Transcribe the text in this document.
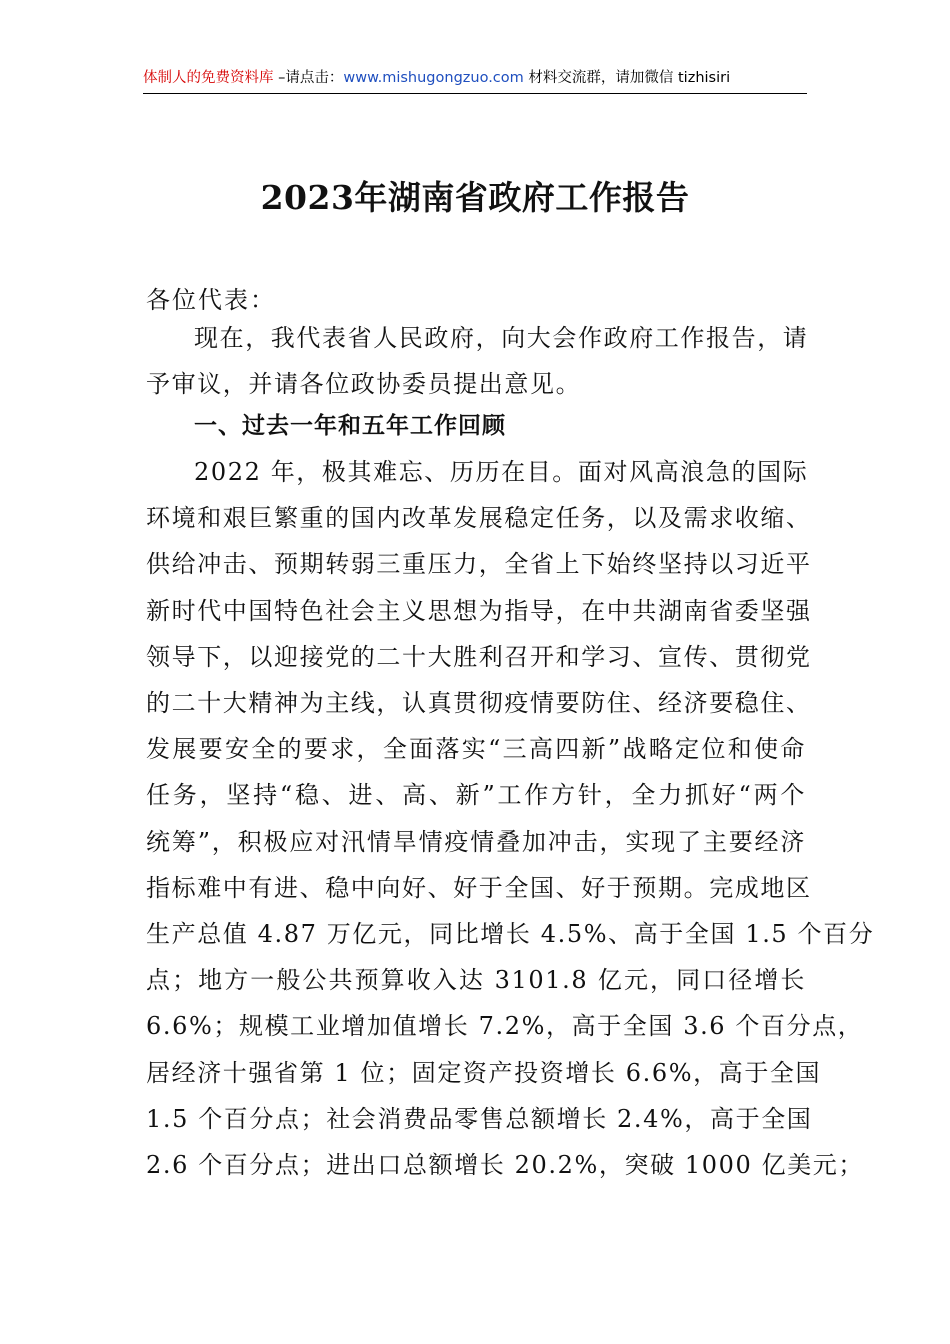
体制人的免费资料库 –请点击：www.mishugongzuo.com 材料交流群，请加微信 tizhisiri
2023年湖南省政府工作报告
各位代表：
现在，我代表省人民政府，向大会作政府工作报告，请
予审议，并请各位政协委员提出意见。
一、过去一年和五年工作回顾
2022 年，极其难忘、历历在目。面对风高浪急的国际
环境和艰巨繁重的国内改革发展稳定任务，以及需求收缩、
供给冲击、预期转弱三重压力，全省上下始终坚持以习近平
新时代中国特色社会主义思想为指导，在中共湖南省委坚强
领导下，以迎接党的二十大胜利召开和学习、宣传、贯彻党
的二十大精神为主线，认真贯彻疫情要防住、经济要稳住、
发展要安全的要求，全面落实“三高四新”战略定位和使命
任务，坚持“稳、进、高、新”工作方针，全力抓好“两个
统筹”，积极应对汛情旱情疫情叠加冲击，实现了主要经济
指标难中有进、稳中向好、好于全国、好于预期。完成地区
生产总值 4.87 万亿元，同比增长 4.5%、高于全国 1.5 个百分
点；地方一般公共预算收入达 3101.8 亿元，同口径增长
6.6%；规模工业增加值增长 7.2%，高于全国 3.6 个百分点，
居经济十强省第 1 位；固定资产投资增长 6.6%，高于全国
1.5 个百分点；社会消费品零售总额增长 2.4%，高于全国
2.6 个百分点；进出口总额增长 20.2%，突破 1000 亿美元；
